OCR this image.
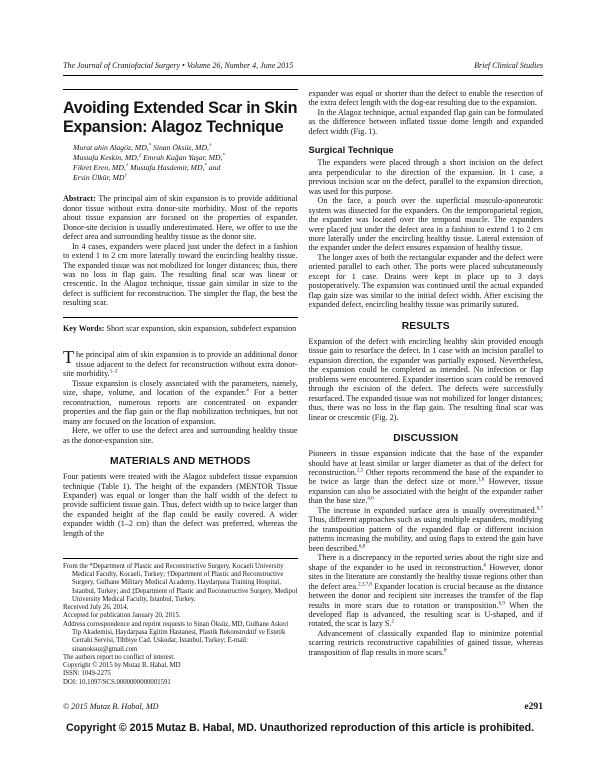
The Journal of Craniofacial Surgery • Volume 26, Number 4, June 2015	Brief Clinical Studies
Avoiding Extended Scar in Skin
Expansion: Alagoz Technique
Murat ahin Alagöz, MD,* Sinan Öksüz, MD,†
Mustafa Keskin, MD,‡ Emrah Kağan Yaşar, MD,*
Fikret Eren, MD,† Mustafa Hasdemir, MD,* and
Ersin Ülkür, MD†

Abstract: The principal aim of skin expansion is to provide additional donor tissue without extra donor-site morbidity. Most of the reports about tissue expansion are focused on the properties of expander. Donor-site decision is usually underestimated. Here, we offer to use the defect area and surrounding healthy tissue as the donor site.

In 4 cases, expanders were placed just under the defect in a fashion to extend 1 to 2 cm more laterally toward the encircling healthy tissue. The expanded tissue was not mobilized for longer distances; thus, there was no loss in flap gain. The resulting final scar was linear or crescentic. In the Alagoz technique, tissue gain similar in size to the defect is sufficient for reconstruction. The simpler the flap, the best the resulting scar.

Key Words: Short scar expansion, skin expansion, subdefect expansion

The principal aim of skin expansion is to provide an additional donor tissue adjacent to the defect for reconstruction without extra donor-site morbidity.$^{1-3}$

Tissue expansion is closely associated with the parameters, namely, size, shape, volume, and location of the expander.$^4$ For a better reconstruction, numerous reports are concentrated on expander properties and the flap gain or the flap mobilization techniques, but not many are focused on the location of expansion.

Here, we offer to use the defect area and surrounding healthy tissue as the donor-expansion site.

MATERIALS AND METHODS

Four patients were treated with the Alagoz subdefect tissue expansion technique (Table 1). The height of the expanders (MENTOR Tissue Expander) was equal or longer than the half width of the defect to provide sufficient tissue gain. Thus, defect width up to twice larger than the expanded height of the flap could be easily covered. A wider expander width (1–2 cm) than the defect was preferred, whereas the length of the

From the *Department of Plastic and Reconstructive Surgery, Kocaeli University Medical Faculty, Kocaeli, Turkey; †Department of Plastic and Reconstructive Surgery, Gulhane Military Medical Academy, Haydarpasa Training Hospital, Istanbul, Turkey; and ‡Department of Plastic and Reconstructive Surgery, Medipol University Medical Faculty, Istanbul, Turkey.
Received July 26, 2014.
Accepted for publication January 20, 2015.
Address correspondence and reprint requests to Sinan Öksüz, MD, Gulhane Askeri Tip Akademisi, Haydarpasa Egitim Hastanesi, Plastik Rekonstruktif ve Estetik Cerrahi Servisi, Tibbiye Cad. Uskudar, Istanbul, Turkey; E-mail: sinanoksuz@gmail.com
The authors report no conflict of interest.
Copyright © 2015 by Mutaz B. Habal, MD
ISSN: 1049-2275
DOI: 10.1097/SCS.0000000000001591

expander was equal or shorter than the defect to enable the resection of the extra defect length with the dog-ear resulting due to the expansion.

In the Alagoz technique, actual expanded flap gain can be formulated as the difference between inflated tissue dome length and expanded defect width (Fig. 1).

Surgical Technique

The expanders were placed through a short incision on the defect area perpendicular to the direction of the expansion. In 1 case, a previous incision scar on the defect, parallel to the expansion direction, was used for this purpose.

On the face, a pouch over the superficial musculo-aponeurotic system was dissected for the expanders. On the temporoparietal region, the expander was located over the temporal muscle. The expanders were placed just under the defect area in a fashion to extend 1 to 2 cm more laterally under the encircling healthy tissue. Lateral extension of the expander under the defect ensures expansion of healthy tissue.

The longer axes of both the rectangular expander and the defect were oriented parallel to each other. The ports were placed subcutaneously except for 1 case. Drains were kept in place up to 3 days postoperatively. The expansion was continued until the actual expanded flap gain size was similar to the initial defect width. After excising the expanded defect, encircling healthy tissue was primarily sutured.

RESULTS

Expansion of the defect with encircling healthy skin provided enough tissue gain to resurface the defect. In 1 case with an incision parallel to expansion direction, the expander was partially exposed. Nevertheless, the expansion could be completed as intended. No infection or flap problems were encountered. Expander insertion scars could be removed through the excision of the defect. The defects were successfully resurfaced. The expanded tissue was not mobilized for longer distances; thus, there was no loss in the flap gain. The resulting final scar was linear or crescentic (Fig. 2).

DISCUSSION

Pioneers in tissue expansion indicate that the base of the expander should have at least similar or larger diameter as that of the defect for reconstruction.$^{2,5}$ Other reports recommend the base of the expander to be twice as large than the defect size or more.$^{1,6}$ However, tissue expansion can also be associated with the height of the expander rather than the base size.$^{4,6}$

The increase in expanded surface area is usually overestimated.$^{6,7}$ Thus, different approaches such as using multiple expanders, modifying the transposition pattern of the expanded flap or different incision patterns increasing the mobility, and using flaps to extend the gain have been described.$^{6,8}$

There is a discrepancy in the reported series about the right size and shape of the expander to be used in reconstruction.$^6$ However, donor sites in the literature are constantly the healthy tissue regions other than the defect area.$^{2,3,7,8}$ Expander location is crucial because as the distance between the donor and recipient site increases the transfer of the flap results in more scars due to rotation or transposition.$^{6,9}$ When the developed flap is advanced, the resulting scar is U-shaped, and if rotated, the scar is lazy S.$^2$

Advancement of classically expanded flap to minimize potential scarring restricts reconstructive capabilities of gained tissue, whereas transposition of flap results in more scars.$^8$

© 2015 Mutaz B. Habal, MD	e291
Copyright © 2015 Mutaz B. Habal, MD. Unauthorized reproduction of this article is prohibited.
